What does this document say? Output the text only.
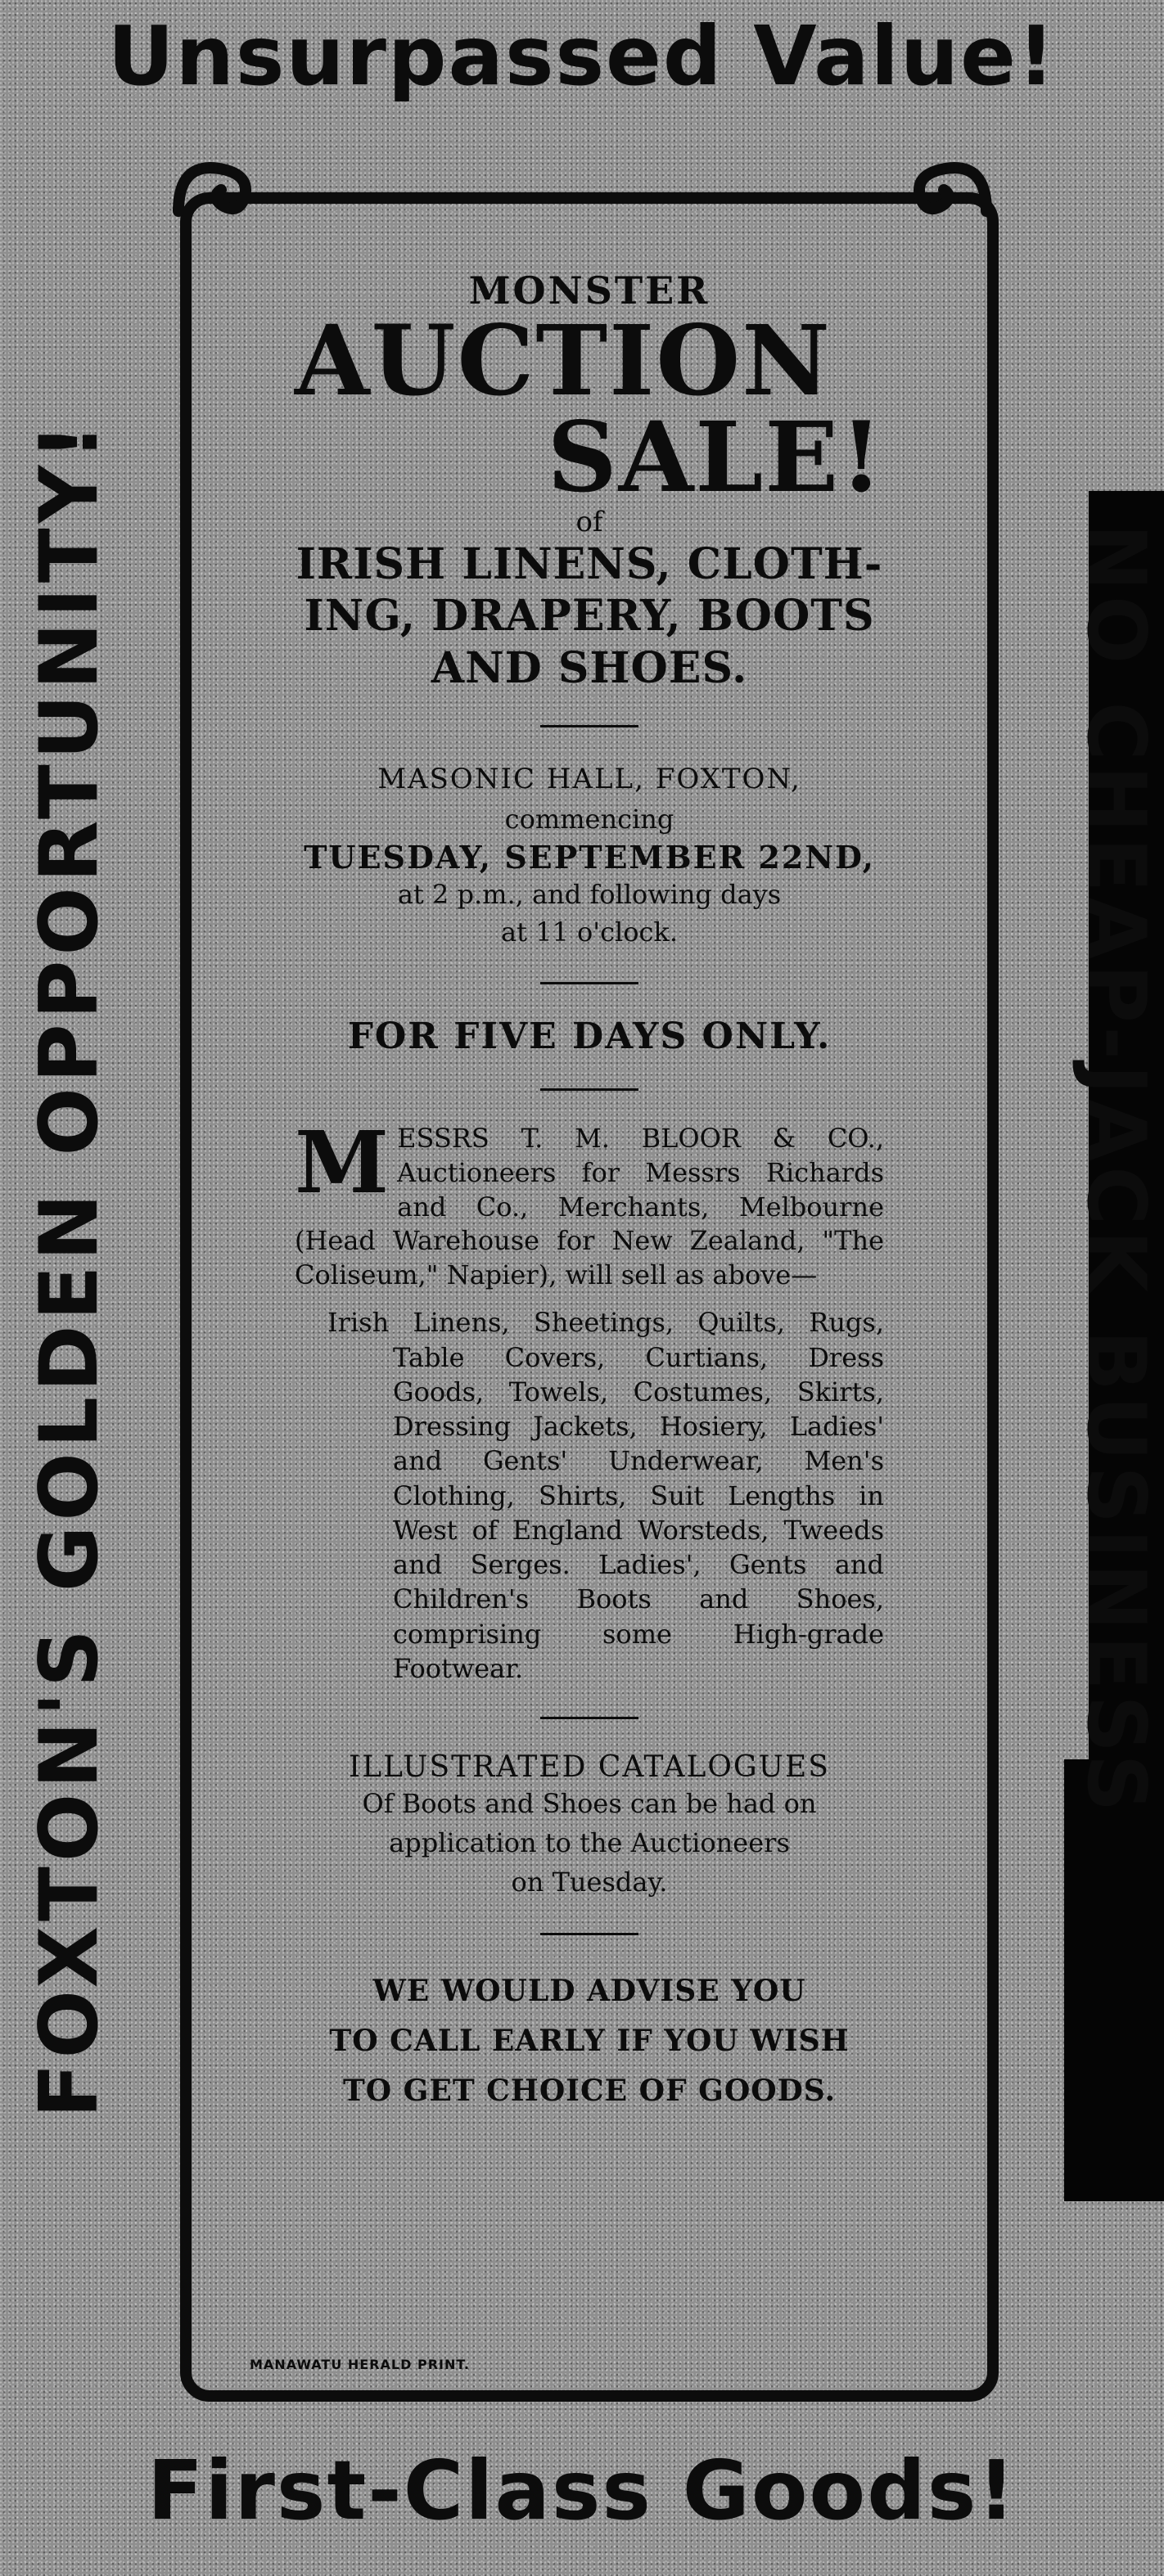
Unsurpassed Value!
FOXTON'S GOLDEN OPPORTUNITY!	NO CHEAP-JACK BUSINESS
MONSTER
AUCTION
SALE!
of
IRISH LINENS, CLOTH-
ING, DRAPERY, BOOTS
AND SHOES.
MASONIC HALL, FOXTON,
commencing
TUESDAY, SEPTEMBER 22ND,
at 2 p.m., and following days
at 11 o'clock.
FOR FIVE DAYS ONLY.
MESSRS T. M. BLOOR & CO., Auctioneers for Messrs Richards and Co., Merchants, Melbourne (Head Warehouse for New Zealand, "The Coliseum," Napier), will sell as above—
Irish Linens, Sheetings, Quilts, Rugs, Table Covers, Curtians, Dress Goods, Towels, Costumes, Skirts, Dressing Jackets, Hosiery, Ladies' and Gents' Underwear, Men's Clothing, Shirts, Suit Lengths in West of England Worsteds, Tweeds and Serges. Ladies', Gents and Children's Boots and Shoes, comprising some High-grade Footwear.
ILLUSTRATED CATALOGUES
Of Boots and Shoes can be had on
application to the Auctioneers
on Tuesday.
WE WOULD ADVISE YOU
TO CALL EARLY IF YOU WISH
TO GET CHOICE OF GOODS.
MANAWATU HERALD PRINT.
First-Class Goods!
